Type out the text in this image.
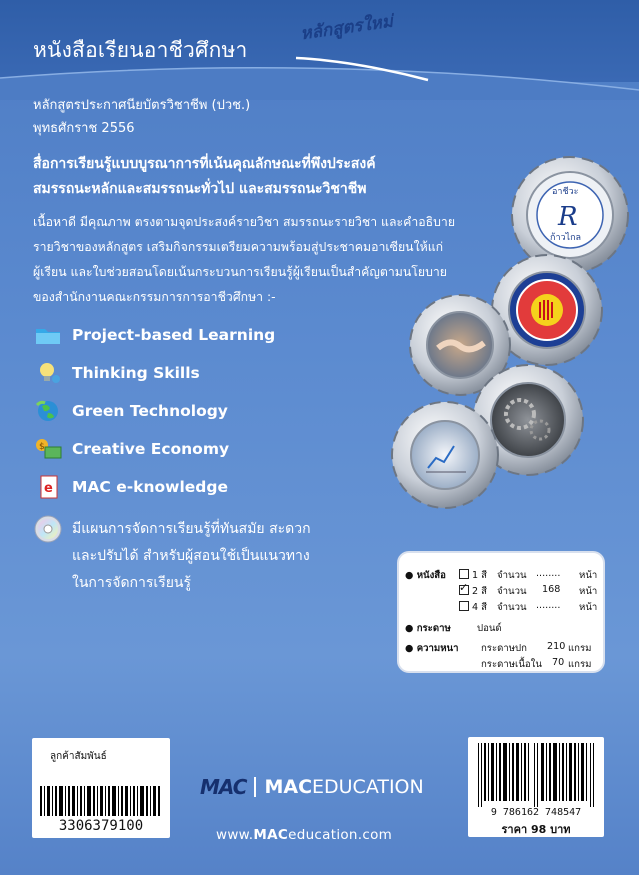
หนังสือเรียนอาชีวศึกษา
หลักสูตรใหม่
หลักสูตรประกาศนียบัตรวิชาชีพ (ปวช.)
พุทธศักราช 2556
สื่อการเรียนรู้แบบบูรณาการที่เน้นคุณลักษณะที่พึงประสงค์
สมรรถนะหลักและสมรรถนะทั่วไป และสมรรถนะวิชาชีพ
เนื้อหาดี มีคุณภาพ ตรงตามจุดประสงค์รายวิชา สมรรถนะรายวิชา และคำอธิบาย
รายวิชาของหลักสูตร เสริมกิจกรรมเตรียมความพร้อมสู่ประชาคมอาเซียนให้แก่
ผู้เรียน และใบช่วยสอนโดยเน้นกระบวนการเรียนรู้ผู้เรียนเป็นสำคัญตามนโยบาย
ของสำนักงานคณะกรรมการการอาชีวศึกษา :-
Project-based Learning
Thinking Skills
Green Technology
$ Creative Economy
e MAC e-knowledge
มีแผนการจัดการเรียนรู้ที่ทันสมัย สะดวก
และปรับได้ สำหรับผู้สอนใช้เป็นแนวทาง
ในการจัดการเรียนรู้
อาชีวะ
R
ก้าวไกล
● หนังสือ	1 สี จำนวน ........ หน้า
✓2 สี จำนวน 168 หน้า
4 สี จำนวน ........ หน้า
● กระดาษ	ปอนด์
● ความหนา กระดาษปก 210 แกรม
กระดาษเนื้อใน 70 แกรม
ลูกค้าสัมพันธ์
3306379100
9 786162 748547
ราคา 98 บาท
MAC MAC EDUCATION
www.MACeducation.com
